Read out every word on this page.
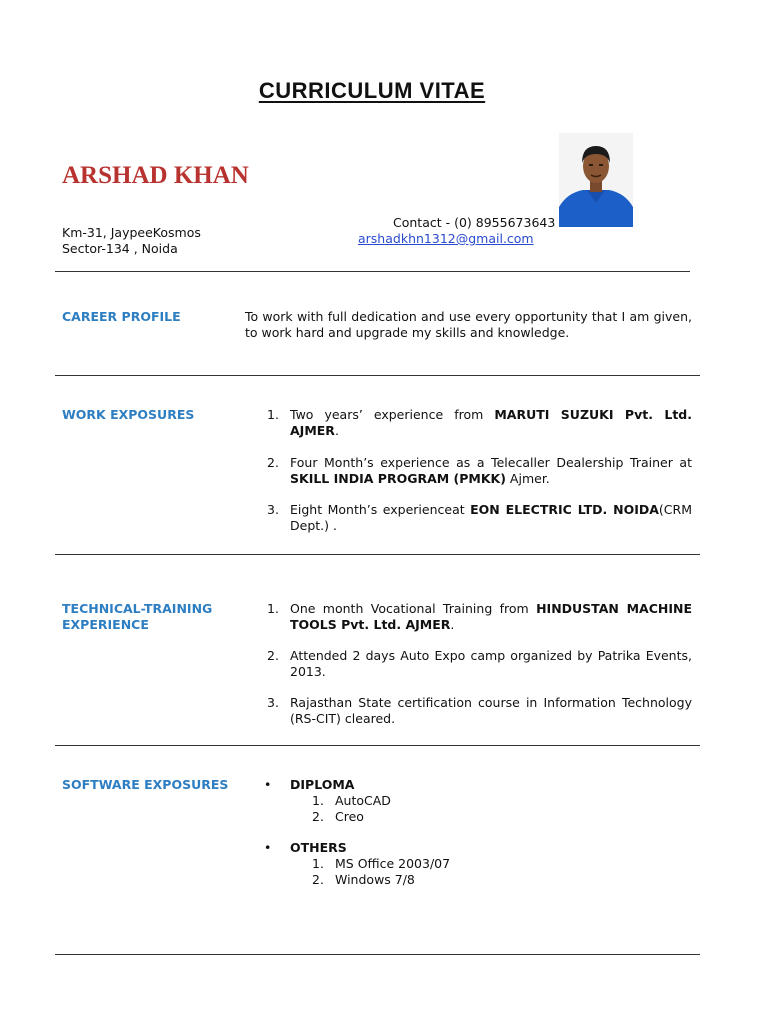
CURRICULUM VITAE
ARSHAD KHAN
Km-31, JaypeeKosmos
Sector-134 , Noida
Contact - (0) 8955673643
arshadkhn1312@gmail.com
CAREER PROFILE	To work with full dedication and use every opportunity that I am given, to work hard and upgrade my skills and knowledge.
WORK EXPOSURES	1. Two years’ experience from MARUTI SUZUKI Pvt. Ltd. AJMER.
2. Four Month’s experience as a Telecaller Dealership Trainer at SKILL INDIA PROGRAM (PMKK) Ajmer.
3. Eight Month’s experienceat EON ELECTRIC LTD. NOIDA(CRM Dept.) .
TECHNICAL-TRAINING EXPERIENCE
1. One month Vocational Training from HINDUSTAN MACHINE TOOLS Pvt. Ltd. AJMER.
2. Attended 2 days Auto Expo camp organized by Patrika Events, 2013.
3. Rajasthan State certification course in Information Technology (RS-CIT) cleared.
SOFTWARE EXPOSURES	• DIPLOMA
1. AutoCAD
2. Creo
• OTHERS
1. MS Office 2003/07
2. Windows 7/8
